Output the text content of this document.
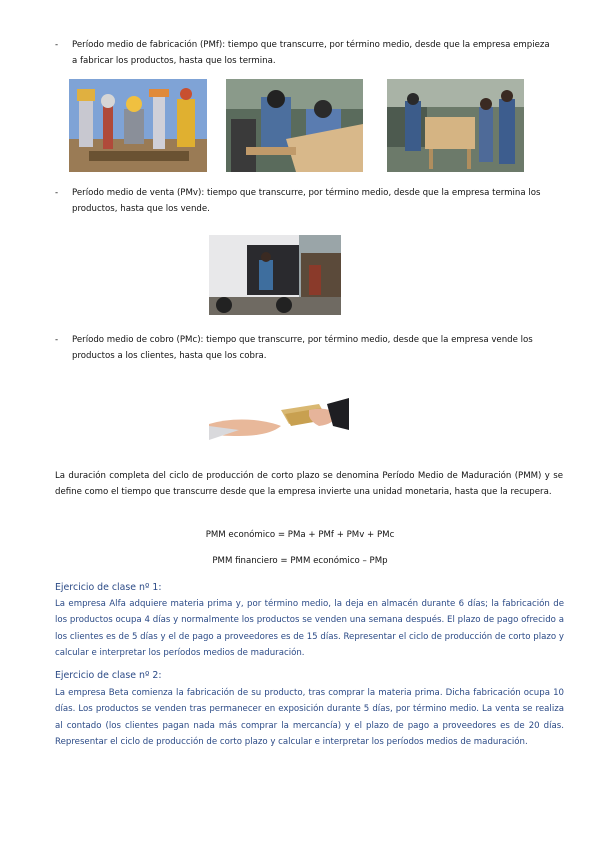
- Período medio de fabricación (PMf): tiempo que transcurre, por término medio, desde que la empresa empieza a fabricar los productos, hasta que los termina.
- Período medio de venta (PMv): tiempo que transcurre, por término medio, desde que la empresa termina los productos, hasta que los vende.
- Período medio de cobro (PMc): tiempo que transcurre, por término medio, desde que la empresa vende los productos a los clientes, hasta que los cobra.
La duración completa del ciclo de producción de corto plazo se denomina Período Medio de Maduración (PMM) y se define como el tiempo que transcurre desde que la empresa invierte una unidad monetaria, hasta que la recupera.
PMM económico = PMa + PMf + PMv + PMc
PMM financiero = PMM económico – PMp
Ejercicio de clase nº 1:
La empresa Alfa adquiere materia prima y, por término medio, la deja en almacén durante 6 días; la fabricación de los productos ocupa 4 días y normalmente los productos se venden una semana después. El plazo de pago ofrecido a los clientes es de 5 días y el de pago a proveedores es de 15 días. Representar el ciclo de producción de corto plazo y calcular e interpretar los períodos medios de maduración.
Ejercicio de clase nº 2:
La empresa Beta comienza la fabricación de su producto, tras comprar la materia prima. Dicha fabricación ocupa 10 días. Los productos se venden tras permanecer en exposición durante 5 días, por término medio. La venta se realiza al contado (los clientes pagan nada más comprar la mercancía) y el plazo de pago a proveedores es de 20 días. Representar el ciclo de producción de corto plazo y calcular e interpretar los períodos medios de maduración.
